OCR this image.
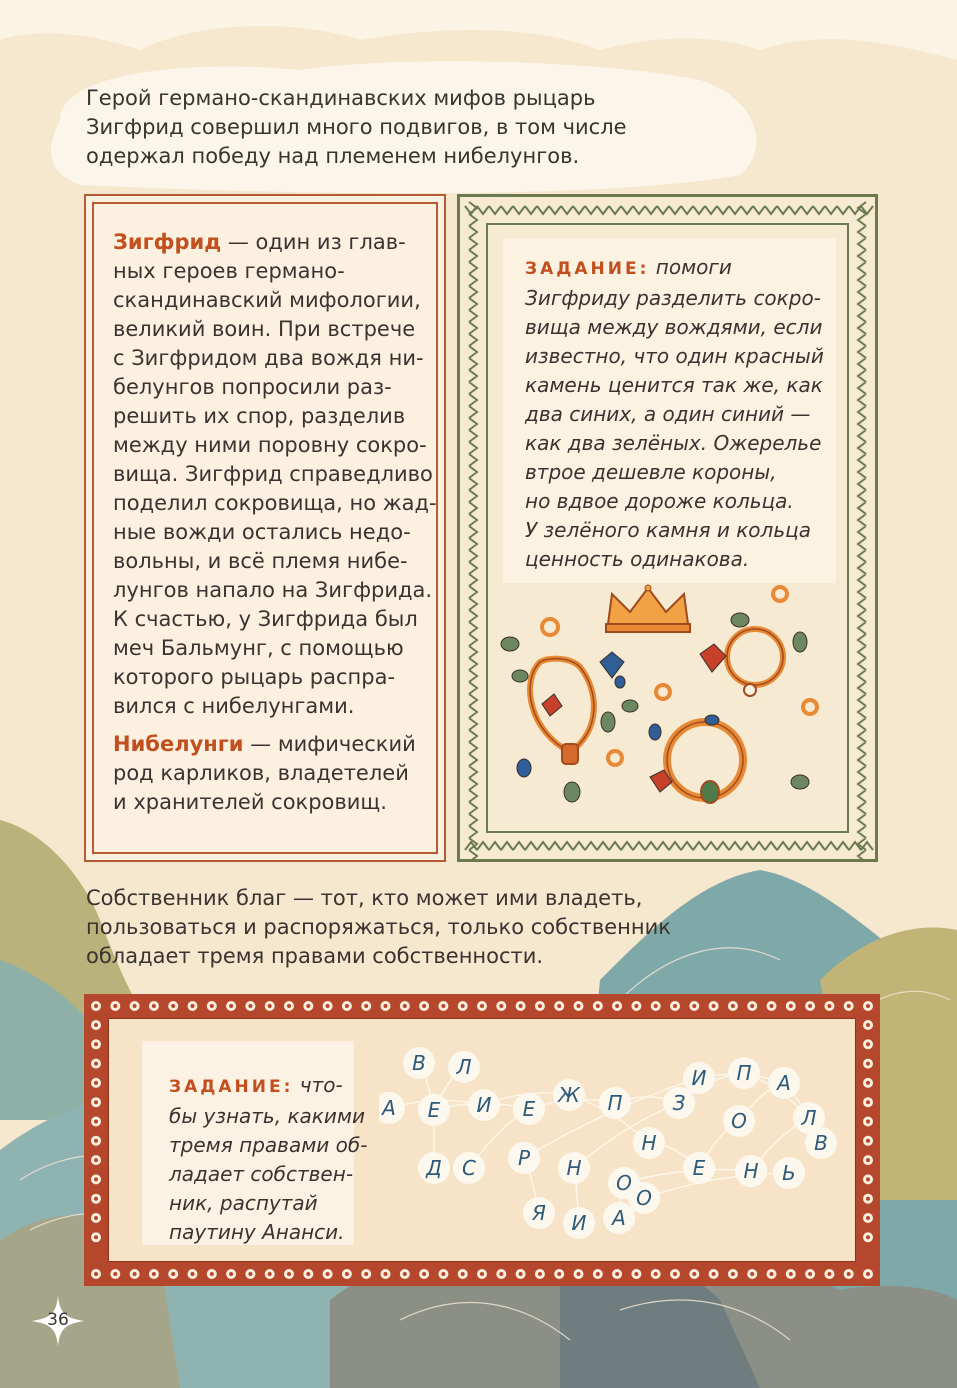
Герой германо-скандинавских мифов рыцарь
Зигфрид совершил много подвигов, в том числе
одержал победу над племенем нибелунгов.

Зигфрид — один из глав-
ных героев германо-
скандинавский мифологии,
великий воин. При встрече
с Зигфридом два вождя ни-
белунгов попросили раз-
решить их спор, разделив
между ними поровну сокро-
вища. Зигфрид справедливо
поделил сокровища, но жад-
ные вожди остались недо-
вольны, и всё племя нибе-
лунгов напало на Зигфрида.
К счастью, у Зигфрида был
меч Бальмунг, с помощью
которого рыцарь распра-
вился с нибелунгами.

Нибелунги — мифический
род карликов, владетелей
и хранителей сокровищ.

ЗАДАНИЕ: помоги
Зигфриду разделить сокро-
вища между вождями, если
известно, что один красный
камень ценится так же, как
два синих, а один синий —
как два зелёных. Ожерелье
втрое дешевле короны,
но вдвое дороже кольца.
У зелёного камня и кольца
ценность одинакова.

Собственник благ — тот, кто может ими владеть,
пользоваться и распоряжаться, только собственник
обладает тремя правами собственности.

ЗАДАНИЕ: что-
бы узнать, какими
тремя правами об-
ладает собствен-
ник, распутай
паутину Ананси.
В Л
А Е И Е
Ж П	З
И П А
Л
Н
Д С Р Н
О
О
В
Е Н Ь
Я И А
О
36
